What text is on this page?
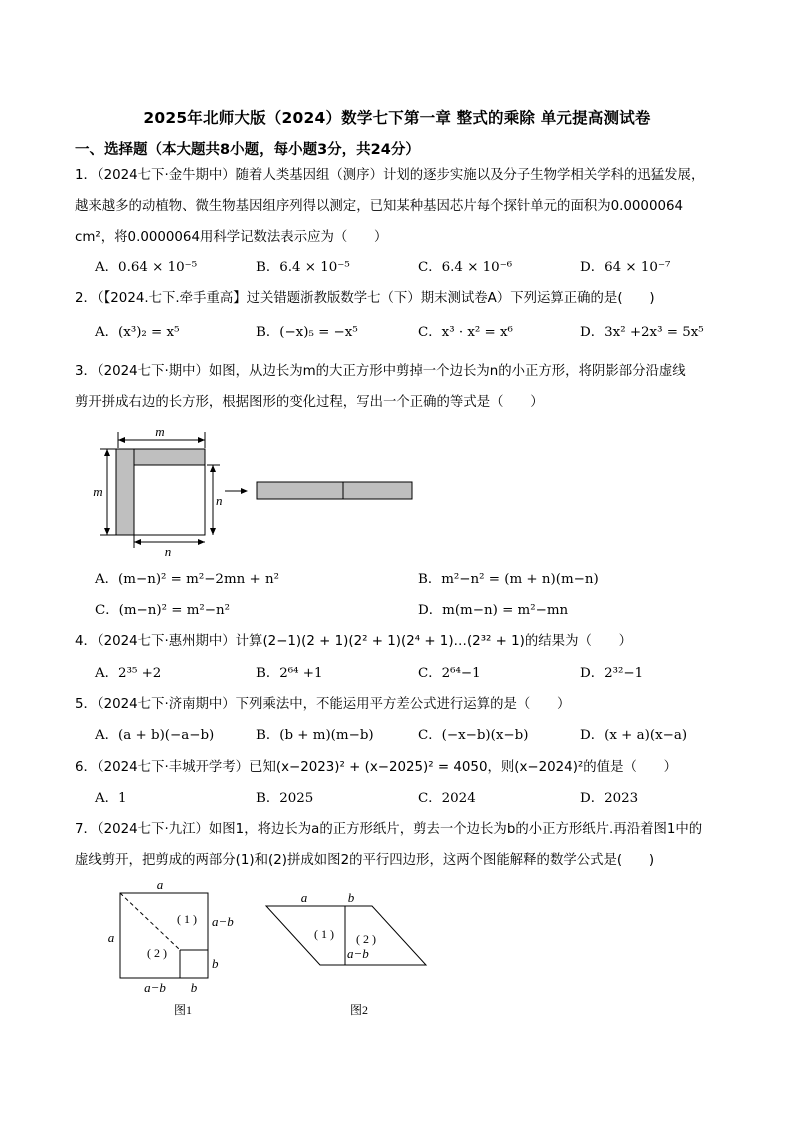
2025年北师大版（2024）数学七下第一章 整式的乘除 单元提高测试卷
一、选择题（本大题共8小题，每小题3分，共24分）
1．（2024七下·金牛期中）随着人类基因组（测序）计划的逐步实施以及分子生物学相关学科的迅猛发展，
越来越多的动植物、微生物基因组序列得以测定，已知某种基因芯片每个探针单元的面积为0.0000064
cm²，将0.0000064用科学记数法表示应为（　　）
A．0.64 × 10⁻⁵	B．6.4 × 10⁻⁵	C．6.4 × 10⁻⁶	D．64 × 10⁻⁷
2．（【2024.七下.牵手重高】过关错题浙教版数学七（下）期末测试卷A）下列运算正确的是(　　)
A．(x³)₂ = x⁵	B．(−x)₅ = −x⁵	C．x³ · x² = x⁶	D．3x² +2x³ = 5x⁵
3．（2024七下·期中）如图，从边长为m的大正方形中剪掉一个边长为n的小正方形，将阴影部分沿虚线
剪开拼成右边的长方形，根据图形的变化过程，写出一个正确的等式是（　　）
m
m
n
n
A．(m−n)² = m²−2mn + n²	B．m²−n² = (m + n)(m−n)
C．(m−n)² = m²−n²	D．m(m−n) = m²−mn
4．（2024七下·惠州期中）计算(2−1)(2 + 1)(2² + 1)(2⁴ + 1)…(2³² + 1)的结果为（　　）
A．2³⁵ +2	B．2⁶⁴ +1	C．2⁶⁴−1	D．2³²−1
5．（2024七下·济南期中）下列乘法中，不能运用平方差公式进行运算的是（　　）
A．(a + b)(−a−b)	B．(b + m)(m−b)	C．(−x−b)(x−b)	D．(x + a)(x−a)
6．（2024七下·丰城开学考）已知(x−2023)² + (x−2025)² = 4050，则(x−2024)²的值是（　　）
A．1	B．2025	C．2024	D．2023
7．（2024七下·九江）如图1，将边长为a的正方形纸片，剪去一个边长为b的小正方形纸片.再沿着图1中的
虚线剪开，把剪成的两部分(1)和(2)拼成如图2的平行四边形，这两个图能解释的数学公式是(　　)
a
a
( 1 )
( 2 )
a−b
b
a−b b
图1
a	b
( 1 ) ( 2 )
a−b
图2
